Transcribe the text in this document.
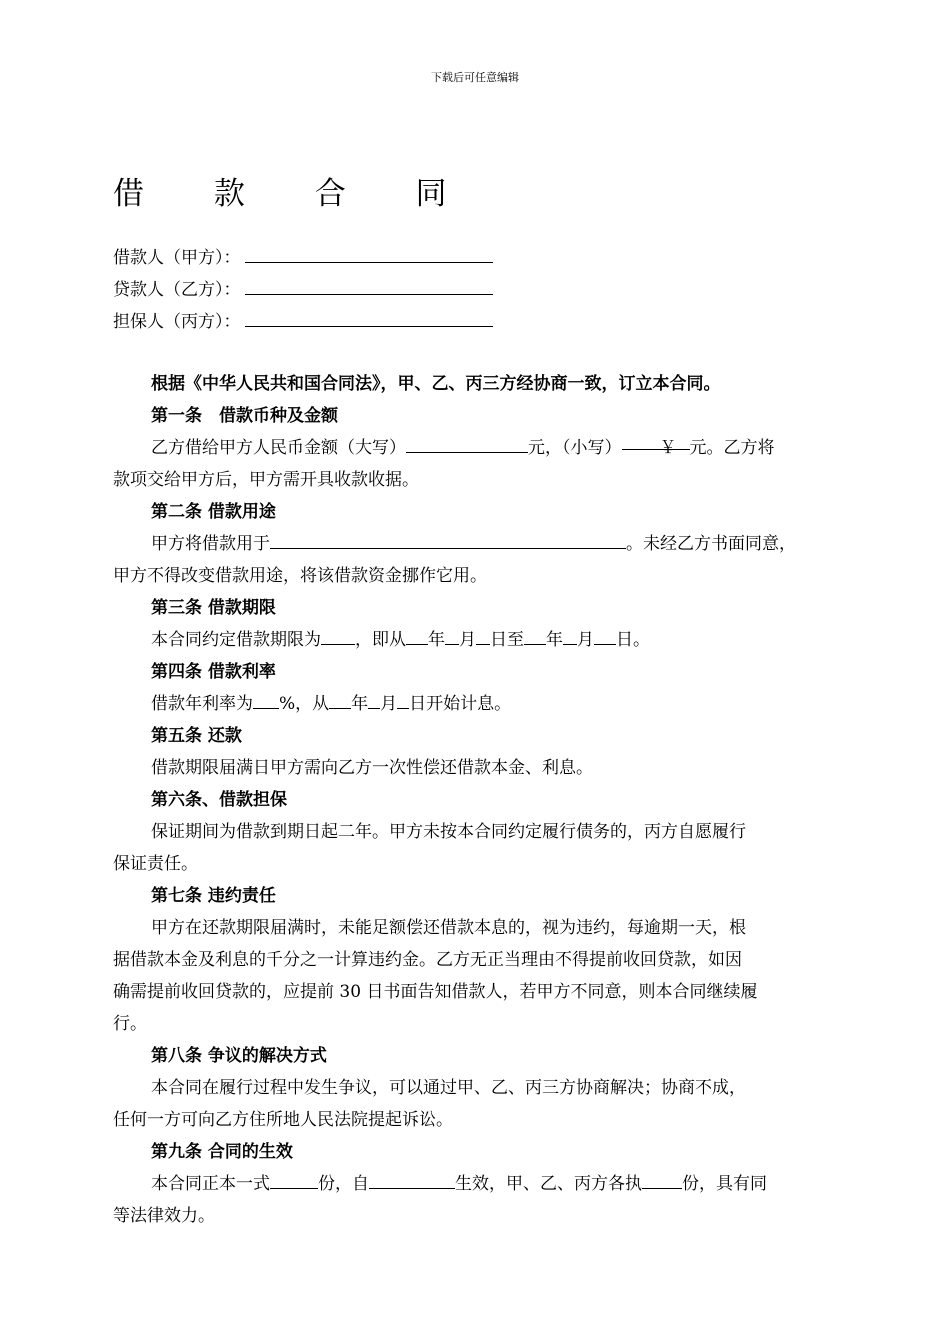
下载后可任意编辑
借 款 合 同
借款人（甲方）：
贷款人（乙方）：
担保人（丙方）：

根据《中华人民共和国合同法》，甲、乙、丙三方经协商一致，订立本合同。

第一条　借款币种及金额

乙方借给甲方人民币金额（大写）	元，（小写） ￥ 元。乙方将

款项交给甲方后，甲方需开具收款收据。

第二条 借款用途

甲方将借款用于	。未经乙方书面同意，

甲方不得改变借款用途，将该借款资金挪作它用。

第三条 借款期限

本合同约定借款期限为 ，即从 年 月 日至 年 月 日。

第四条 借款利率

借款年利率为 %，从 年 月 日开始计息。

第五条 还款

借款期限届满日甲方需向乙方一次性偿还借款本金、利息。

第六条、借款担保

保证期间为借款到期日起二年。甲方未按本合同约定履行债务的，丙方自愿履行

保证责任。

第七条 违约责任

甲方在还款期限届满时，未能足额偿还借款本息的，视为违约，每逾期一天，根

据借款本金及利息的千分之一计算违约金。乙方无正当理由不得提前收回贷款，如因

确需提前收回贷款的，应提前 30 日书面告知借款人，若甲方不同意，则本合同继续履

行。

第八条 争议的解决方式

本合同在履行过程中发生争议，可以通过甲、乙、丙三方协商解决；协商不成，

任何一方可向乙方住所地人民法院提起诉讼。

第九条 合同的生效

本合同正本一式	份，自	生效，甲、乙、丙方各执 份，具有同

等法律效力。
